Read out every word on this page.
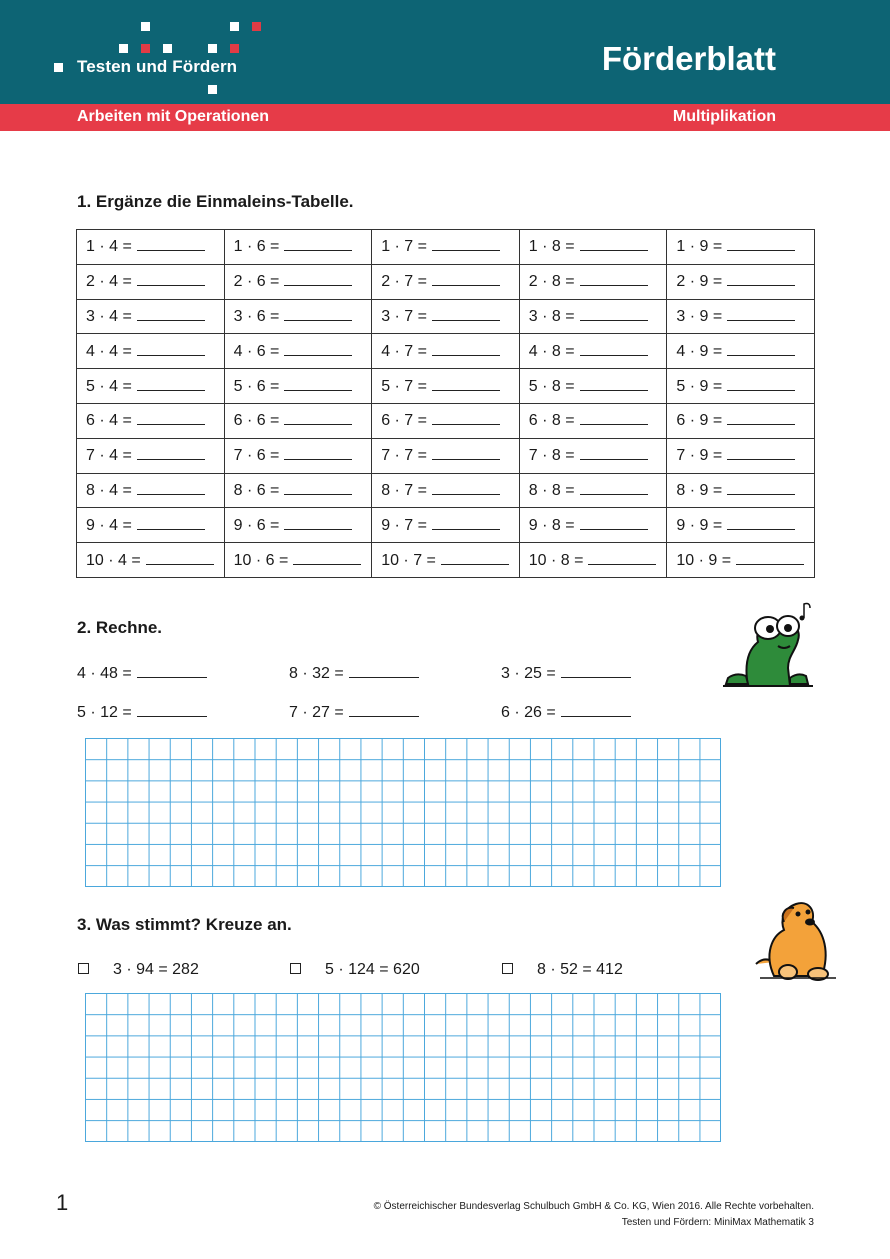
Testen und Fördern	Förderblatt
Arbeiten mit Operationen	Multiplikation
1. Ergänze die Einmaleins-Tabelle.
1 · 4 =	1 · 6 =	1 · 7 =	1 · 8 =	1 · 9 =
2 · 4 =	2 · 6 =	2 · 7 =	2 · 8 =	2 · 9 =
3 · 4 =	3 · 6 =	3 · 7 =	3 · 8 =	3 · 9 =
4 · 4 =	4 · 6 =	4 · 7 =	4 · 8 =	4 · 9 =
5 · 4 =	5 · 6 =	5 · 7 =	5 · 8 =	5 · 9 =
6 · 4 =	6 · 6 =	6 · 7 =	6 · 8 =	6 · 9 =
7 · 4 =	7 · 6 =	7 · 7 =	7 · 8 =	7 · 9 =
8 · 4 =	8 · 6 =	8 · 7 =	8 · 8 =	8 · 9 =
9 · 4 =	9 · 6 =	9 · 7 =	9 · 8 =	9 · 9 =
10 · 4 =	10 · 6 =	10 · 7 =	10 · 8 =	10 · 9 =
2. Rechne.
4 · 48 =	8 · 32 =	3 · 25 =
5 · 12 =	7 · 27 =	6 · 26 =
3. Was stimmt? Kreuze an.
3 · 94 = 282	5 · 124 = 620	8 · 52 = 412
1	© Österreichischer Bundesverlag Schulbuch GmbH & Co. KG, Wien 2016. Alle Rechte vorbehalten.
Testen und Fördern: MiniMax Mathematik 3
